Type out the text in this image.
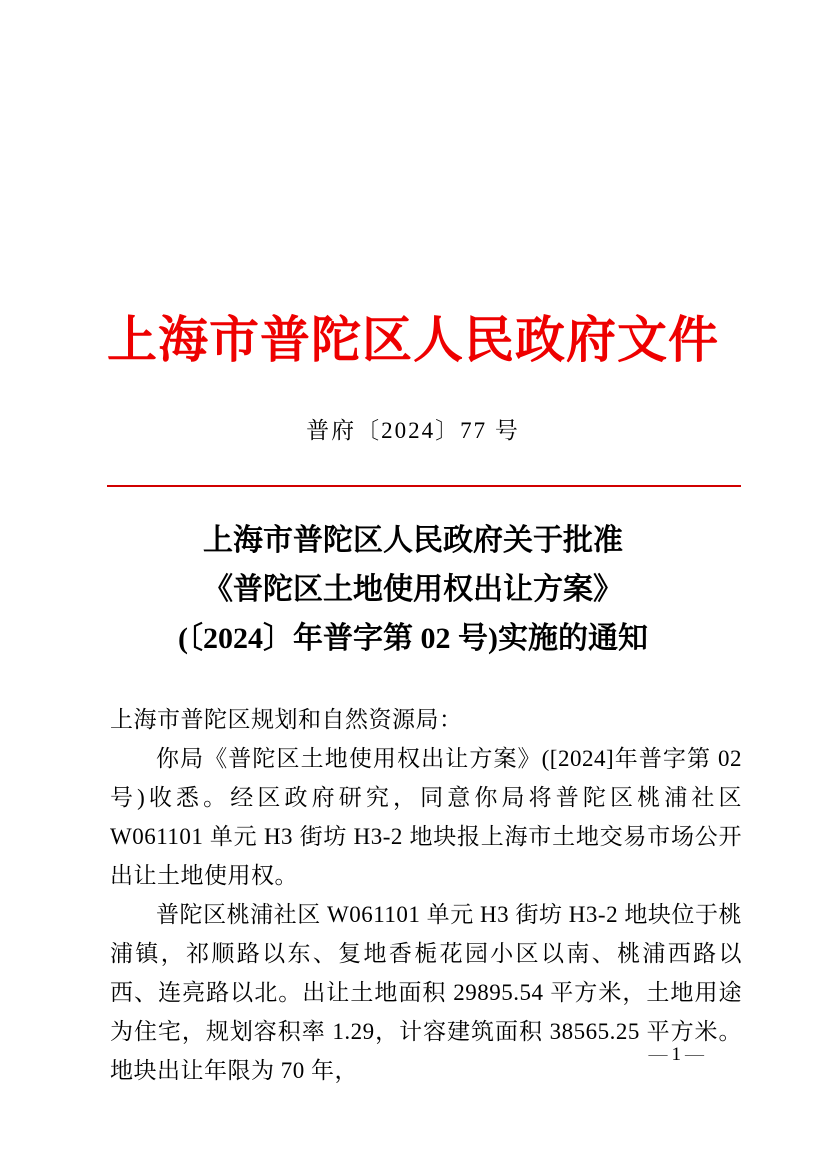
上海市普陀区人民政府文件
普府〔2024〕77 号
上海市普陀区人民政府关于批准
《普陀区土地使用权出让方案》
(〔2024〕年普字第 02 号)实施的通知

上海市普陀区规划和自然资源局：

你局《普陀区土地使用权出让方案》([2024]年普字第 02 号)收悉。经区政府研究，同意你局将普陀区桃浦社区 W061101 单元 H3 街坊 H3-2 地块报上海市土地交易市场公开出让土地使用权。

普陀区桃浦社区 W061101 单元 H3 街坊 H3-2 地块位于桃浦镇，祁顺路以东、复地香栀花园小区以南、桃浦西路以西、连亮路以北。出让土地面积 29895.54 平方米，土地用途为住宅，规划容积率 1.29，计容建筑面积 38565.25 平方米。地块出让年限为 70 年，

— 1 —
